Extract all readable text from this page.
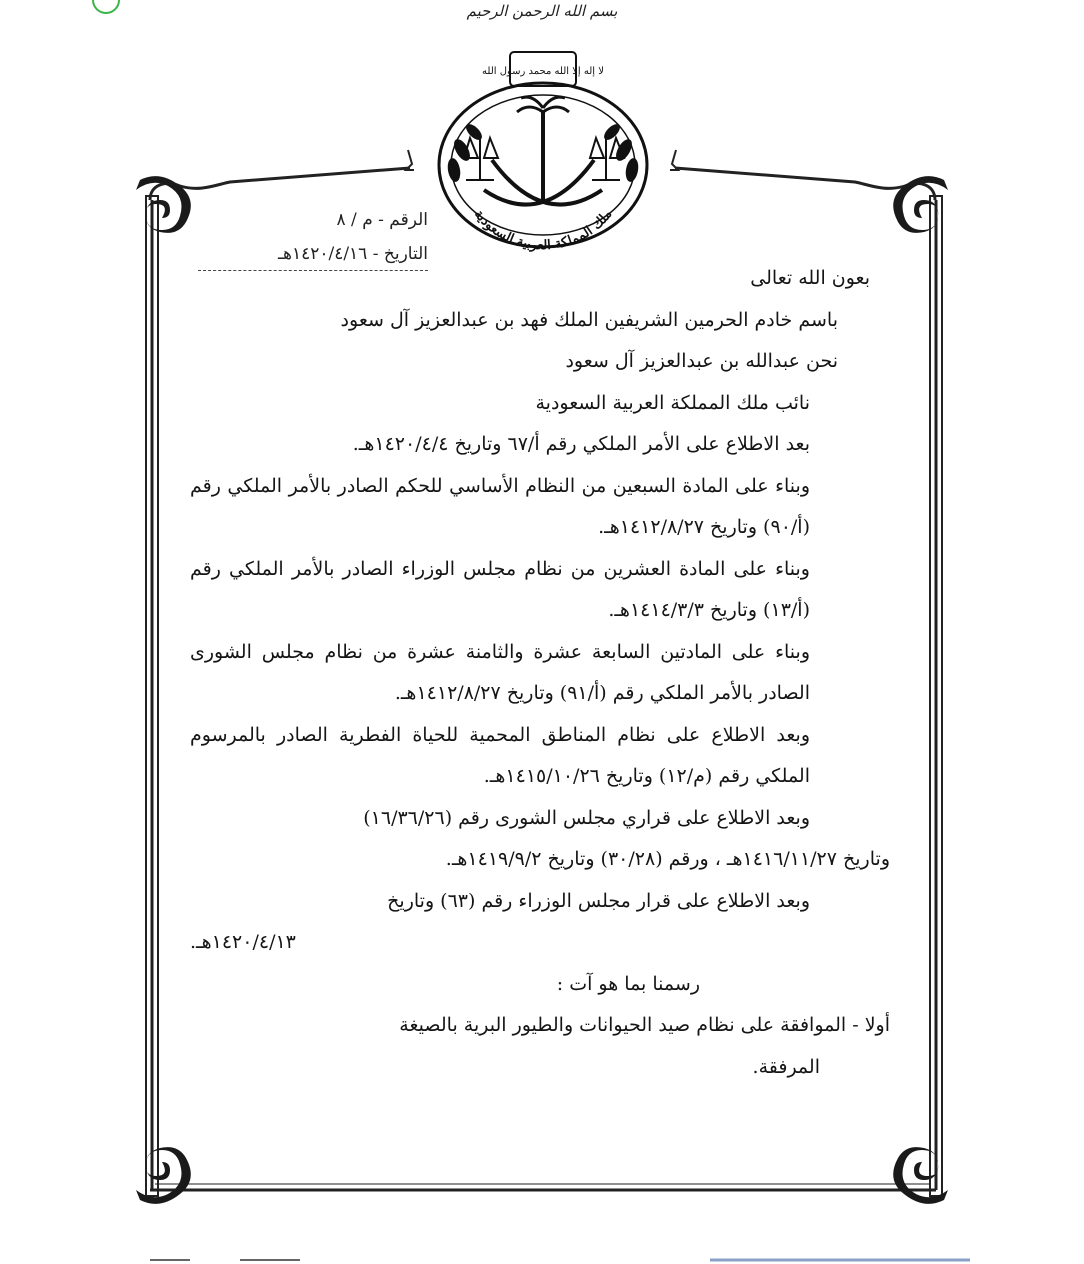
بسم الله الرحمن الرحيم
لا إله إلا الله محمد رسول الله
ملك المملكة العربية السعودية
الرقم - م / ٨
التاريخ - ١٤٢٠/٤/١٦هـ

بعون الله تعالى

باسم خادم الحرمين الشريفين الملك فهد بن عبدالعزيز آل سعود

نحن عبدالله بن عبدالعزيز آل سعود

نائب ملك المملكة العربية السعودية

بعد الاطلاع على الأمر الملكي رقم أ/٦٧ وتاريخ ١٤٢٠/٤/٤هـ.

وبناء على المادة السبعين من النظام الأساسي للحكم الصادر بالأمر الملكي رقم (أ/٩٠) وتاريخ ١٤١٢/٨/٢٧هـ.

وبناء على المادة العشرين من نظام مجلس الوزراء الصادر بالأمر الملكي رقم (أ/١٣) وتاريخ ١٤١٤/٣/٣هـ.

وبناء على المادتين السابعة عشرة والثامنة عشرة من نظام مجلس الشورى الصادر بالأمر الملكي رقم (أ/٩١) وتاريخ ١٤١٢/٨/٢٧هـ.

وبعد الاطلاع على نظام المناطق المحمية للحياة الفطرية الصادر بالمرسوم الملكي رقم (م/١٢) وتاريخ ١٤١٥/١٠/٢٦هـ.

وبعد الاطلاع على قراري مجلس الشورى رقم (١٦/٣٦/٢٦)

وتاريخ ١٤١٦/١١/٢٧هـ ، ورقم (٣٠/٢٨) وتاريخ ١٤١٩/٩/٢هـ.

وبعد الاطلاع على قرار مجلس الوزراء رقم (٦٣) وتاريخ

١٤٢٠/٤/١٣هـ.

رسمنا بما هو آت :

أولا - الموافقة على نظام صيد الحيوانات والطيور البرية بالصيغة

المرفقة.
